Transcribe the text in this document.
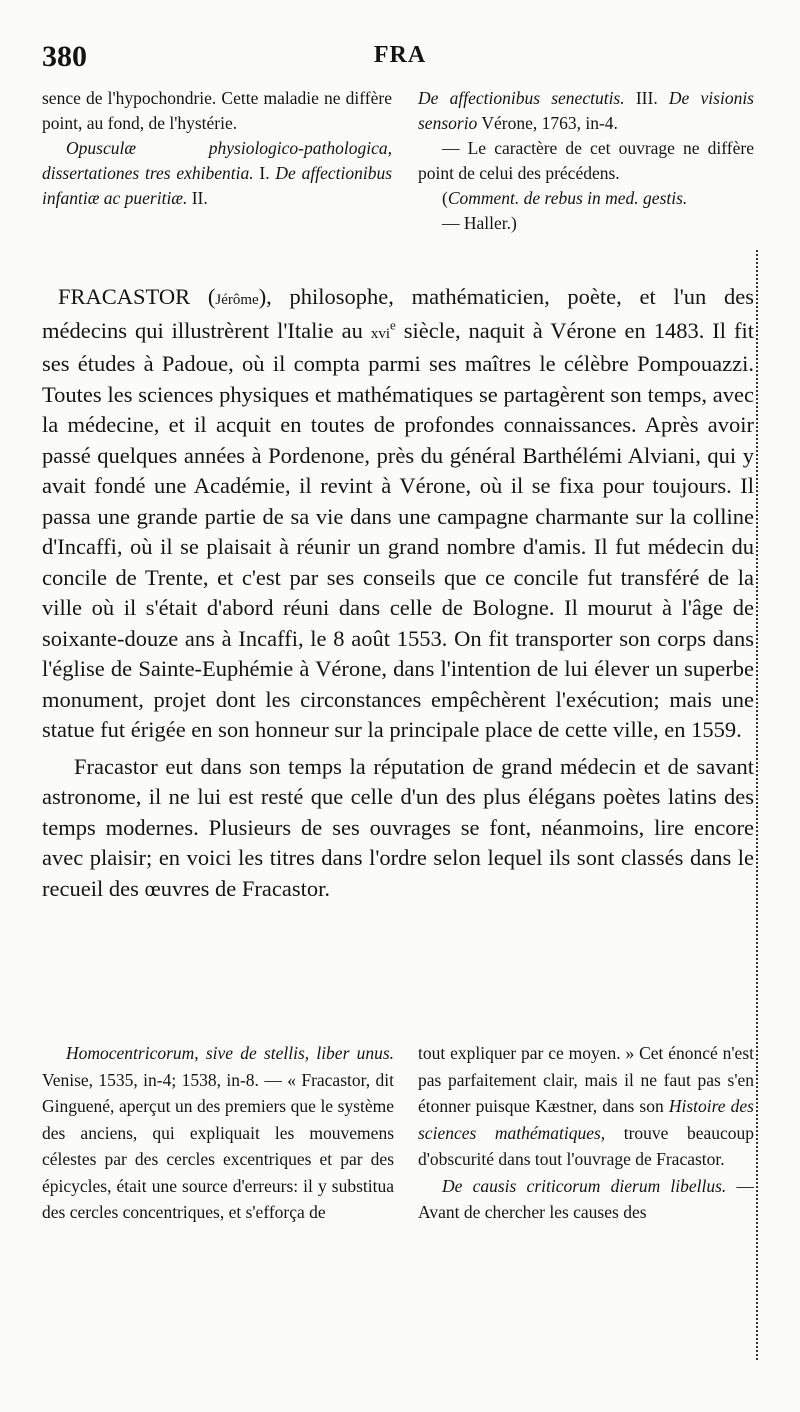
380	FRA

sence de l'hypochondrie. Cette maladie ne diffère point, au fond, de l'hystérie.

Opusculæ physiologico-pathologica, dissertationes tres exhibentia. I. De affectionibus infantiæ ac pueritiæ. II.

De affectionibus senectutis. III. De visionis sensorio Vérone, 1763, in-4.

— Le caractère de cet ouvrage ne diffère point de celui des précédens.

(Comment. de rebus in med. gestis.

— Haller.)

FRACASTOR (Jérôme), philosophe, mathématicien, poète, et l'un des médecins qui illustrèrent l'Italie au xvi$^e$ siècle, naquit à Vérone en 1483. Il fit ses études à Padoue, où il compta parmi ses maîtres le célèbre Pompouazzi. Toutes les sciences physiques et mathématiques se partagèrent son temps, avec la médecine, et il acquit en toutes de profondes connaissances. Après avoir passé quelques années à Pordenone, près du général Barthélémi Alviani, qui y avait fondé une Académie, il revint à Vérone, où il se fixa pour toujours. Il passa une grande partie de sa vie dans une campagne charmante sur la colline d'Incaffi, où il se plaisait à réunir un grand nombre d'amis. Il fut médecin du concile de Trente, et c'est par ses conseils que ce concile fut transféré de la ville où il s'était d'abord réuni dans celle de Bologne. Il mourut à l'âge de soixante-douze ans à Incaffi, le 8 août 1553. On fit transporter son corps dans l'église de Sainte-Euphémie à Vérone, dans l'intention de lui élever un superbe monument, projet dont les circonstances empêchèrent l'exécution; mais une statue fut érigée en son honneur sur la principale place de cette ville, en 1559.

Fracastor eut dans son temps la réputation de grand médecin et de savant astronome, il ne lui est resté que celle d'un des plus élégans poètes latins des temps modernes. Plusieurs de ses ouvrages se font, néanmoins, lire encore avec plaisir; en voici les titres dans l'ordre selon lequel ils sont classés dans le recueil des œuvres de Fracastor.

Homocentricorum, sive de stellis, liber unus. Venise, 1535, in-4; 1538, in-8. — « Fracastor, dit Ginguené, aperçut un des premiers que le système des anciens, qui expliquait les mouvemens célestes par des cercles excentriques et par des épicycles, était une source d'erreurs: il y substitua des cercles concentriques, et s'efforça de

tout expliquer par ce moyen. » Cet énoncé n'est pas parfaitement clair, mais il ne faut pas s'en étonner puisque Kæstner, dans son Histoire des sciences mathématiques, trouve beaucoup d'obscurité dans tout l'ouvrage de Fracastor.

De causis criticorum dierum libellus. — Avant de chercher les causes des
